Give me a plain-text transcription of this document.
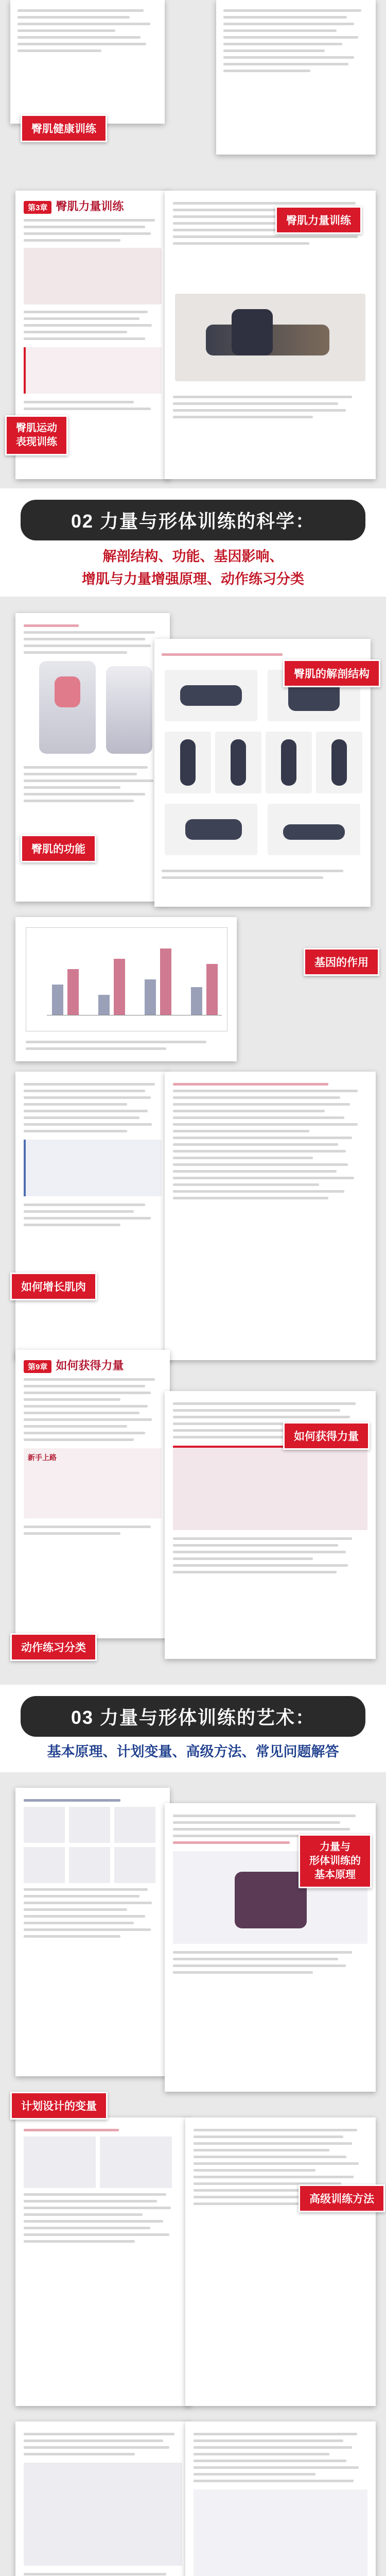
臀肌健康训练
第3章 臀肌力量训练
臀肌力量训练
臀肌运动
表现训练
02 力量与形体训练的科学：
解剖结构、功能、基因影响、
增肌与力量增强原理、动作练习分类
臀肌的解剖结构
臀肌的功能
基因的作用
如何增长肌肉
第9章 如何获得力量
新手上路
如何获得力量
动作练习分类
03 力量与形体训练的艺术：
基本原理、计划变量、高级方法、常见问题解答
力量与
形体训练的
基本原理
计划设计的变量
高级训练方法
